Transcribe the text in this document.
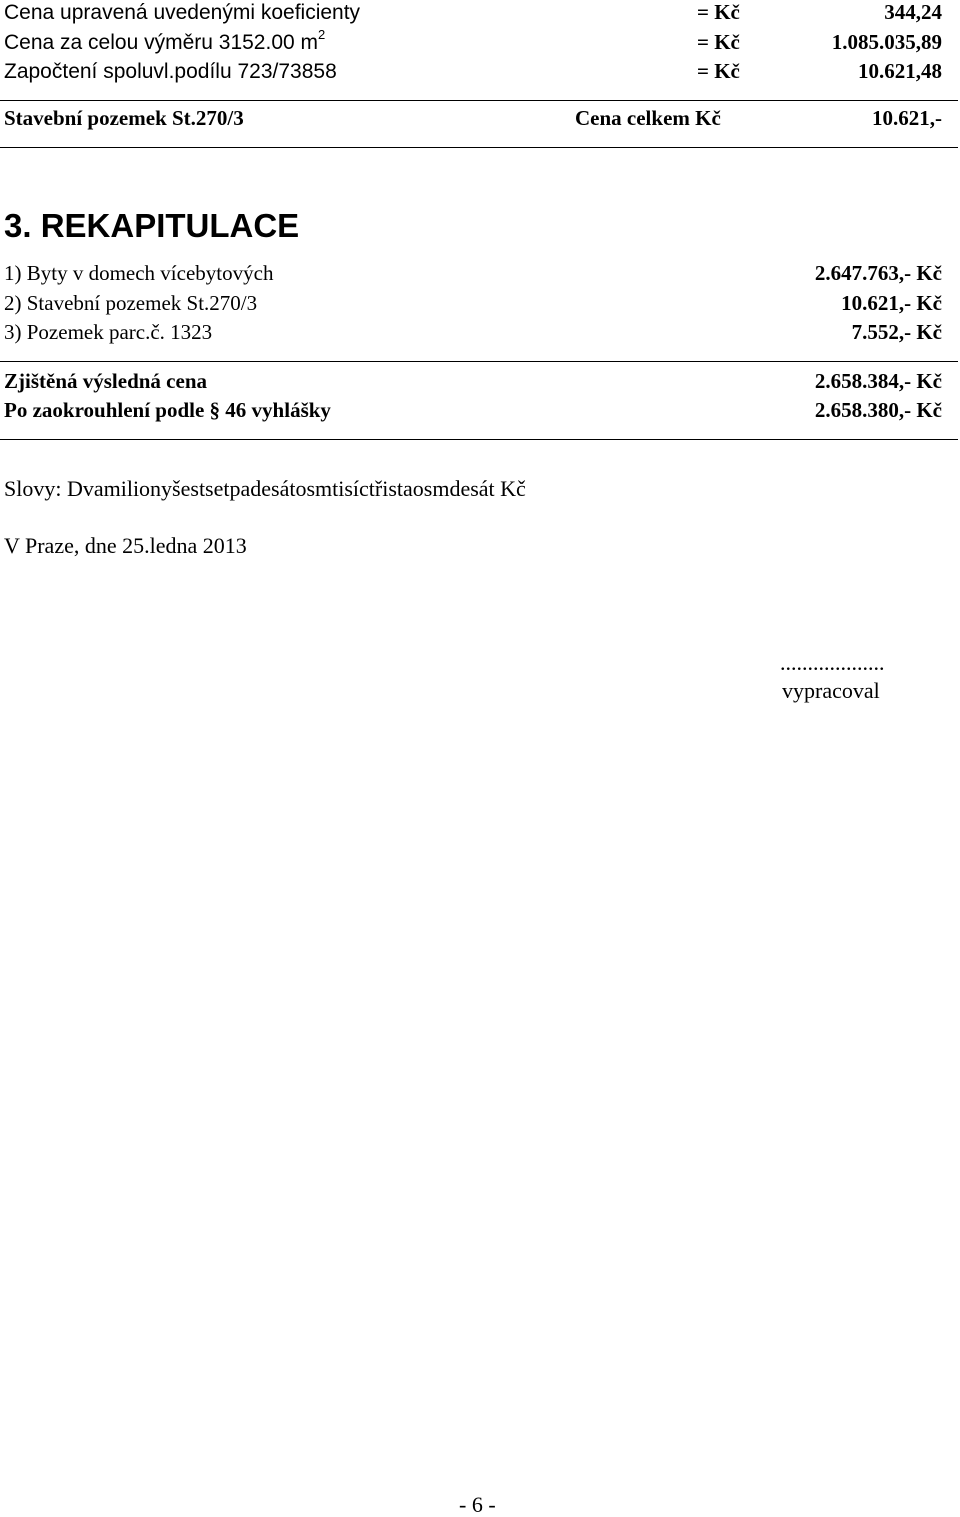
Cena upravená uvedenými koeficienty	= Kč	344,24
Cena za celou výměru 3152.00 $m^2$	= Kč	1.085.035,89
Započtení spoluvl.podílu 723/73858	= Kč	10.621,48
Stavební pozemek St.270/3	Cena celkem Kč	10.621,-
3. REKAPITULACE
1) Byty v domech vícebytových	2.647.763,- Kč
2) Stavební pozemek St.270/3	10.621,- Kč
3) Pozemek parc.č. 1323	7.552,- Kč
Zjištěná výsledná cena	2.658.384,- Kč
Po zaokrouhlení podle § 46 vyhlášky	2.658.380,- Kč
Slovy: Dvamilionyšestsetpadesátosmtisíctřistaosmdesát Kč
V Praze, dne 25.ledna 2013
...................
vypracoval
- 6 -
